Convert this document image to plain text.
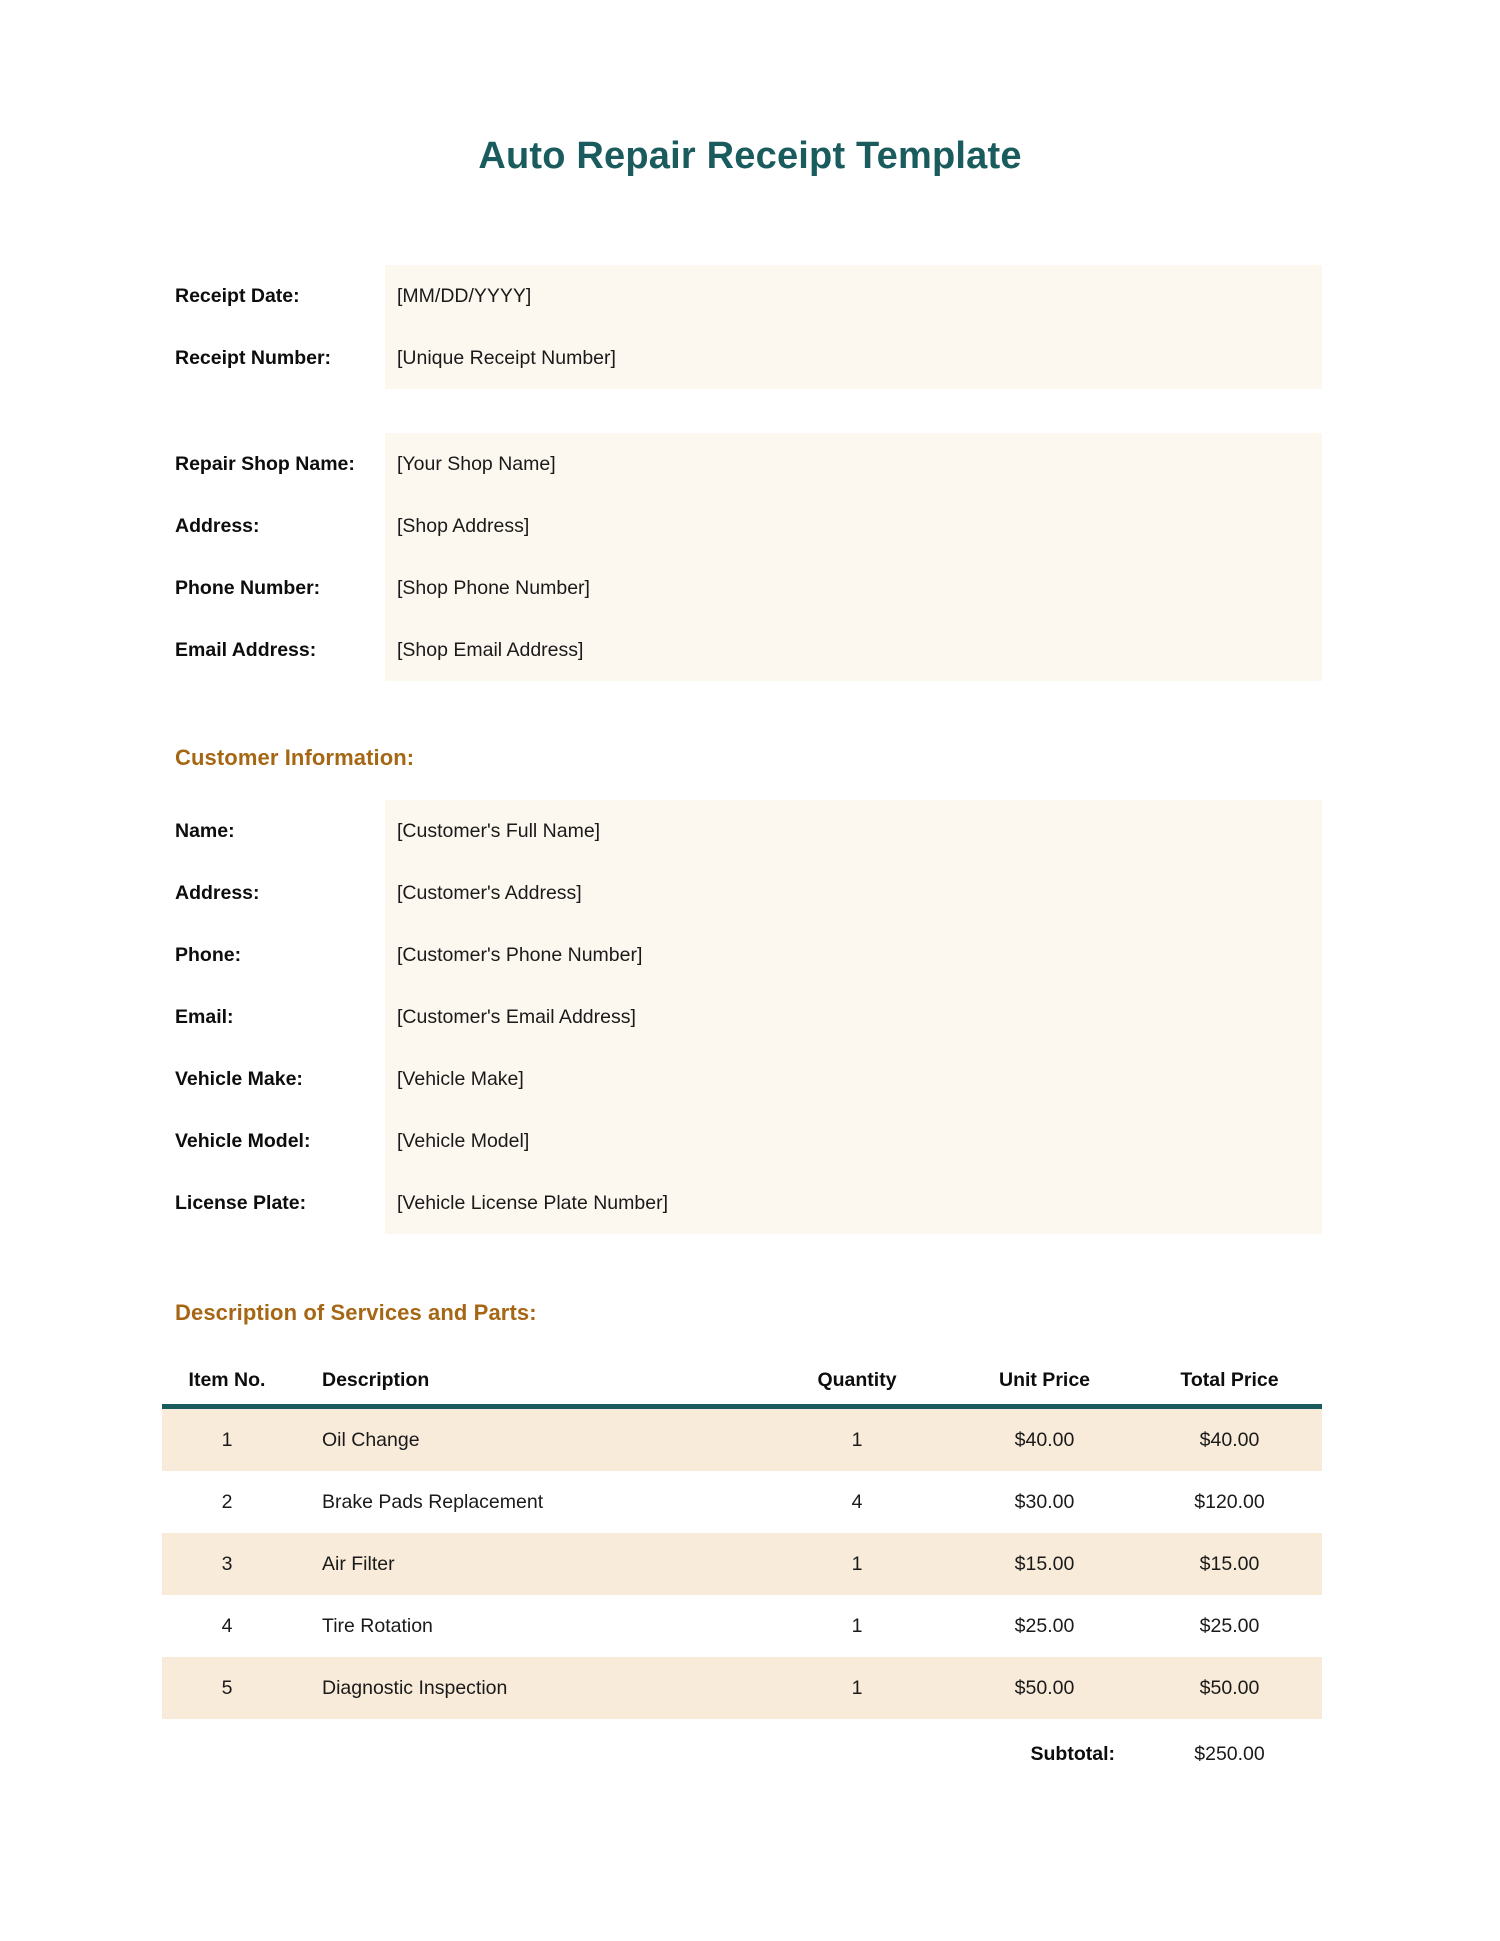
Auto Repair Receipt Template
Receipt Date:	[MM/DD/YYYY]
Receipt Number:	[Unique Receipt Number]
Repair Shop Name:	[Your Shop Name]
Address:	[Shop Address]
Phone Number:	[Shop Phone Number]
Email Address:	[Shop Email Address]
Customer Information:
Name:	[Customer's Full Name]
Address:	[Customer's Address]
Phone:	[Customer's Phone Number]
Email:	[Customer's Email Address]
Vehicle Make:	[Vehicle Make]
Vehicle Model:	[Vehicle Model]
License Plate:	[Vehicle License Plate Number]
Description of Services and Parts:
Item No.	Description	Quantity	Unit Price	Total Price
1	Oil Change	1	$40.00	$40.00
2	Brake Pads Replacement	4	$30.00	$120.00
3	Air Filter	1	$15.00	$15.00
4	Tire Rotation	1	$25.00	$25.00
5	Diagnostic Inspection	1	$50.00	$50.00
Subtotal:	$250.00
